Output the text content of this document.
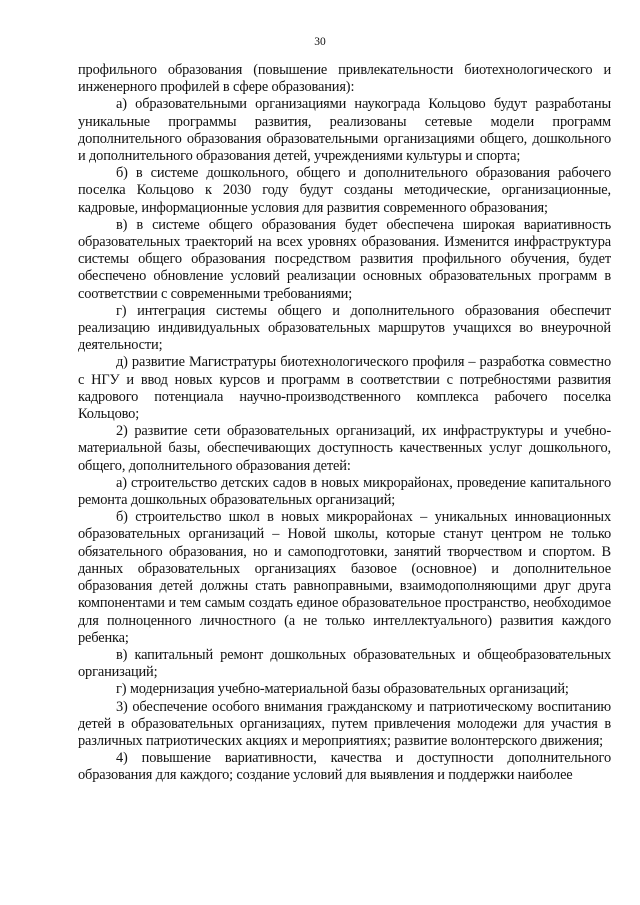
30

профильного образования (повышение привлекательности биотехнологического и инженерного профилей в сфере образования):

а) образовательными организациями наукограда Кольцово будут разработаны уникальные программы развития, реализованы сетевые модели программ дополнительного образования образовательными организациями общего, дошкольного и дополнительного образования детей, учреждениями культуры и спорта;

б) в системе дошкольного, общего и дополнительного образования рабочего поселка Кольцово к 2030 году будут созданы методические, организационные, кадровые, информационные условия для развития современного образования;

в) в системе общего образования будет обеспечена широкая вариативность образовательных траекторий на всех уровнях образования. Изменится инфраструктура системы общего образования посредством развития профильного обучения, будет обеспечено обновление условий реализации основных образовательных программ в соответствии с современными требованиями;

г) интеграция системы общего и дополнительного образования обеспечит реализацию индивидуальных образовательных маршрутов учащихся во внеурочной деятельности;

д) развитие Магистратуры биотехнологического профиля – разработка совместно с НГУ и ввод новых курсов и программ в соответствии с потребностями развития кадрового потенциала научно-производственного комплекса рабочего поселка Кольцово;

2) развитие сети образовательных организаций, их инфраструктуры и учебно-материальной базы, обеспечивающих доступность качественных услуг дошкольного, общего, дополнительного образования детей:

а) строительство детских садов в новых микрорайонах, проведение капитального ремонта дошкольных образовательных организаций;

б) строительство школ в новых микрорайонах – уникальных инновационных образовательных организаций – Новой школы, которые станут центром не только обязательного образования, но и самоподготовки, занятий творчеством и спортом. В данных образовательных организациях базовое (основное) и дополнительное образования детей должны стать равноправными, взаимодополняющими друг друга компонентами и тем самым создать единое образовательное пространство, необходимое для полноценного личностного (а не только интеллектуального) развития каждого ребенка;

в) капитальный ремонт дошкольных образовательных и общеобразовательных организаций;

г) модернизация учебно-материальной базы образовательных организаций;

3) обеспечение особого внимания гражданскому и патриотическому воспитанию детей в образовательных организациях, путем привлечения молодежи для участия в различных патриотических акциях и мероприятиях; развитие волонтерского движения;

4) повышение вариативности, качества и доступности дополнительного образования для каждого; создание условий для выявления и поддержки наиболее
